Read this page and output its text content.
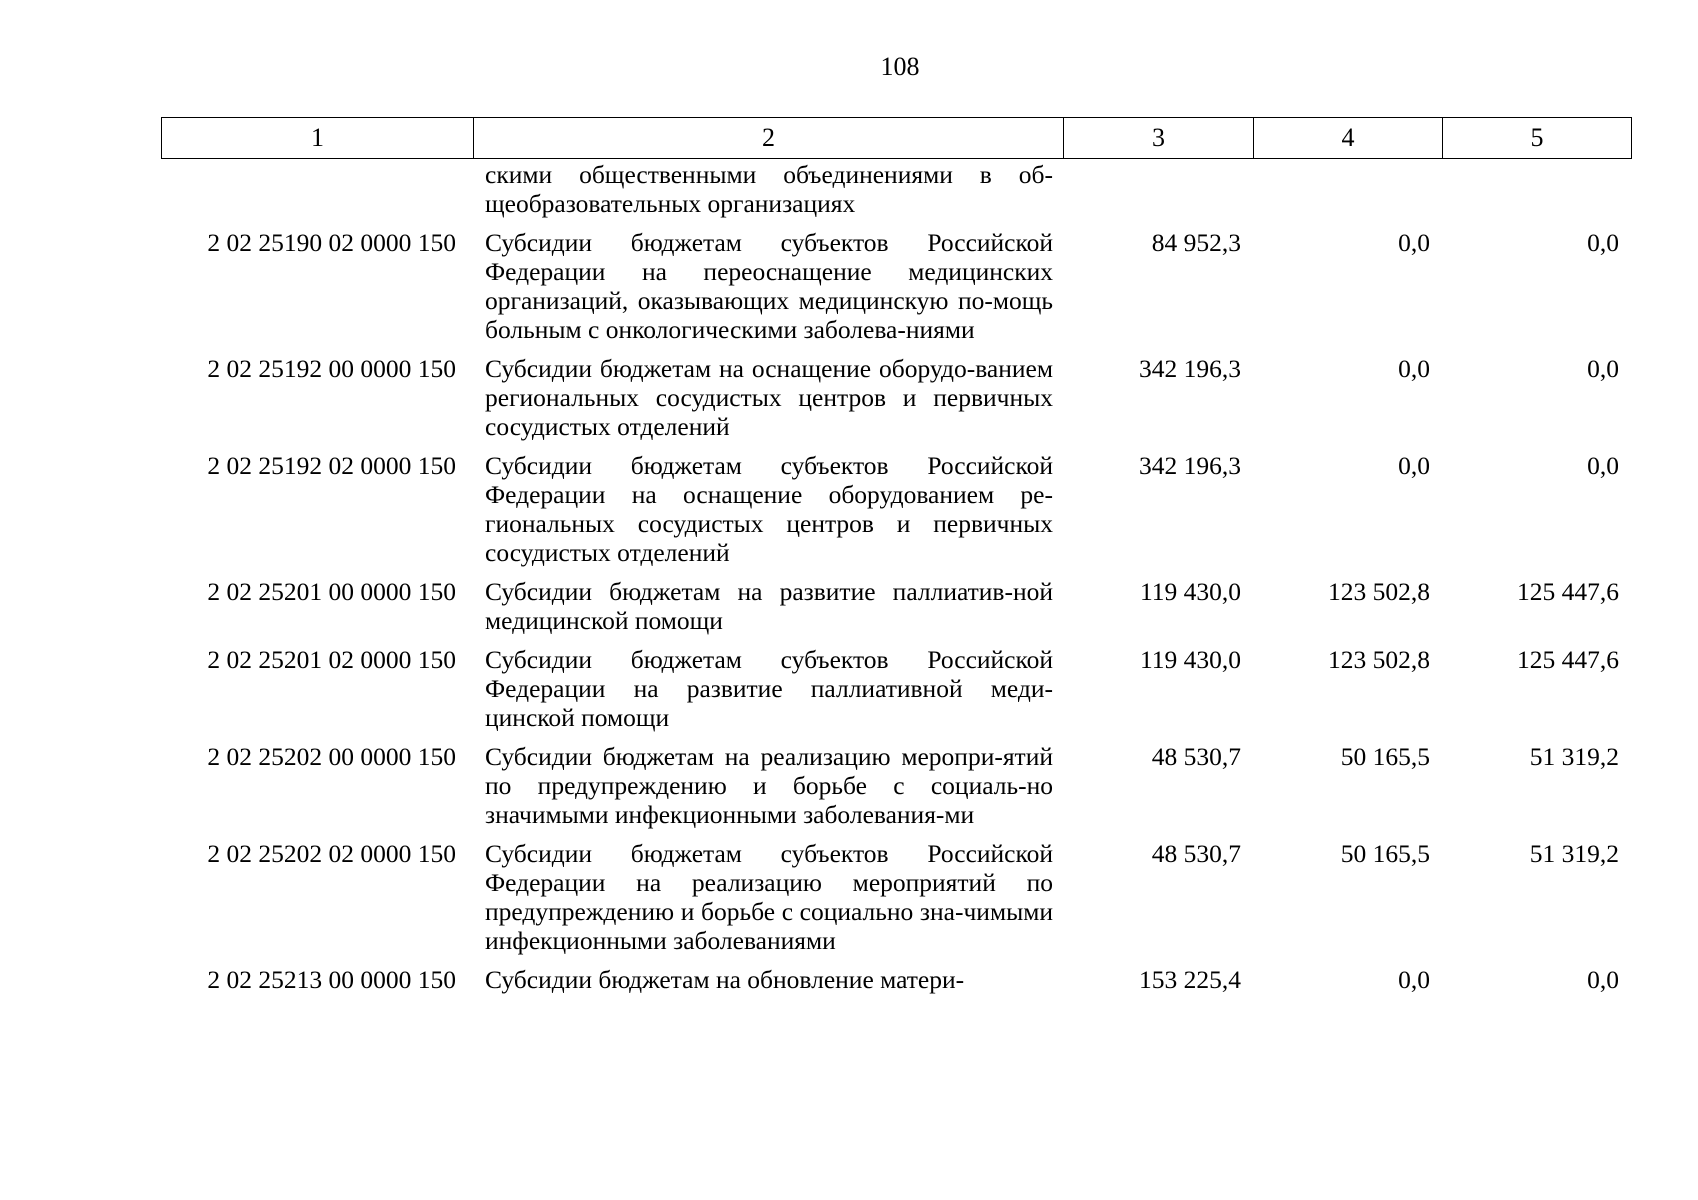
108
1	2	3	4	5
	скими общественными объединениями в об-щеобразовательных организациях			
2 02 25190 02 0000 150	Субсидии бюджетам субъектов Российской Федерации на переоснащение медицинских организаций, оказывающих медицинскую по-мощь больным с онкологическими заболева-ниями	84 952,3	0,0	0,0
2 02 25192 00 0000 150	Субсидии бюджетам на оснащение оборудо-ванием региональных сосудистых центров и первичных сосудистых отделений	342 196,3	0,0	0,0
2 02 25192 02 0000 150	Субсидии бюджетам субъектов Российской Федерации на оснащение оборудованием ре-гиональных сосудистых центров и первичных сосудистых отделений	342 196,3	0,0	0,0
2 02 25201 00 0000 150	Субсидии бюджетам на развитие паллиатив-ной медицинской помощи	119 430,0	123 502,8	125 447,6
2 02 25201 02 0000 150	Субсидии бюджетам субъектов Российской Федерации на развитие паллиативной меди-цинской помощи	119 430,0	123 502,8	125 447,6
2 02 25202 00 0000 150	Субсидии бюджетам на реализацию меропри-ятий по предупреждению и борьбе с социаль-но значимыми инфекционными заболевания-ми	48 530,7	50 165,5	51 319,2
2 02 25202 02 0000 150	Субсидии бюджетам субъектов Российской Федерации на реализацию мероприятий по предупреждению и борьбе с социально зна-чимыми инфекционными заболеваниями	48 530,7	50 165,5	51 319,2
2 02 25213 00 0000 150	Субсидии бюджетам на обновление матери-	153 225,4	0,0	0,0
